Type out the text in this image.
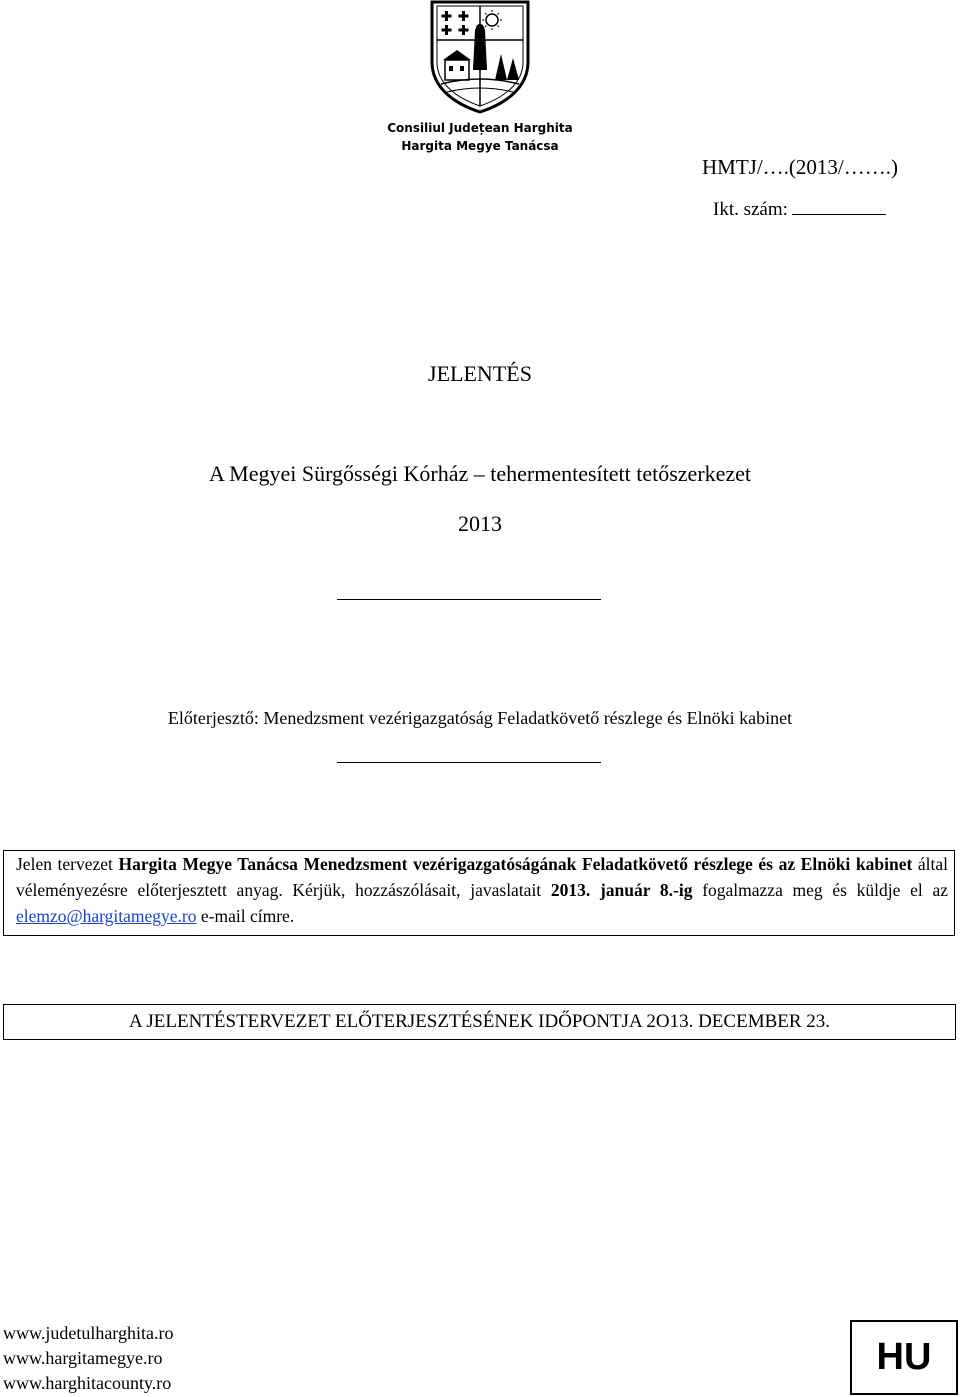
Consiliul Județean Harghita
Hargita Megye Tanácsa
HMTJ/….(2013/…….)
Ikt. szám:
JELENTÉS
A Megyei Sürgősségi Kórház – tehermentesített tetőszerkezet
2013
Előterjesztő: Menedzsment vezérigazgatóság Feladatkövető részlege és Elnöki kabinet
Jelen tervezet Hargita Megye Tanácsa Menedzsment vezérigazgatóságának Feladatkövető részlege és az Elnöki kabinet által véleményezésre előterjesztett anyag. Kérjük, hozzászólásait, javaslatait 2013. január 8.-ig fogalmazza meg és küldje el az elemzo@hargitamegye.ro e-mail címre.
A JELENTÉSTERVEZET ELŐTERJESZTÉSÉNEK IDŐPONTJA 2O13. DECEMBER 23.
www.judetulharghita.ro
www.hargitamegye.ro
www.harghitacounty.ro
HU
